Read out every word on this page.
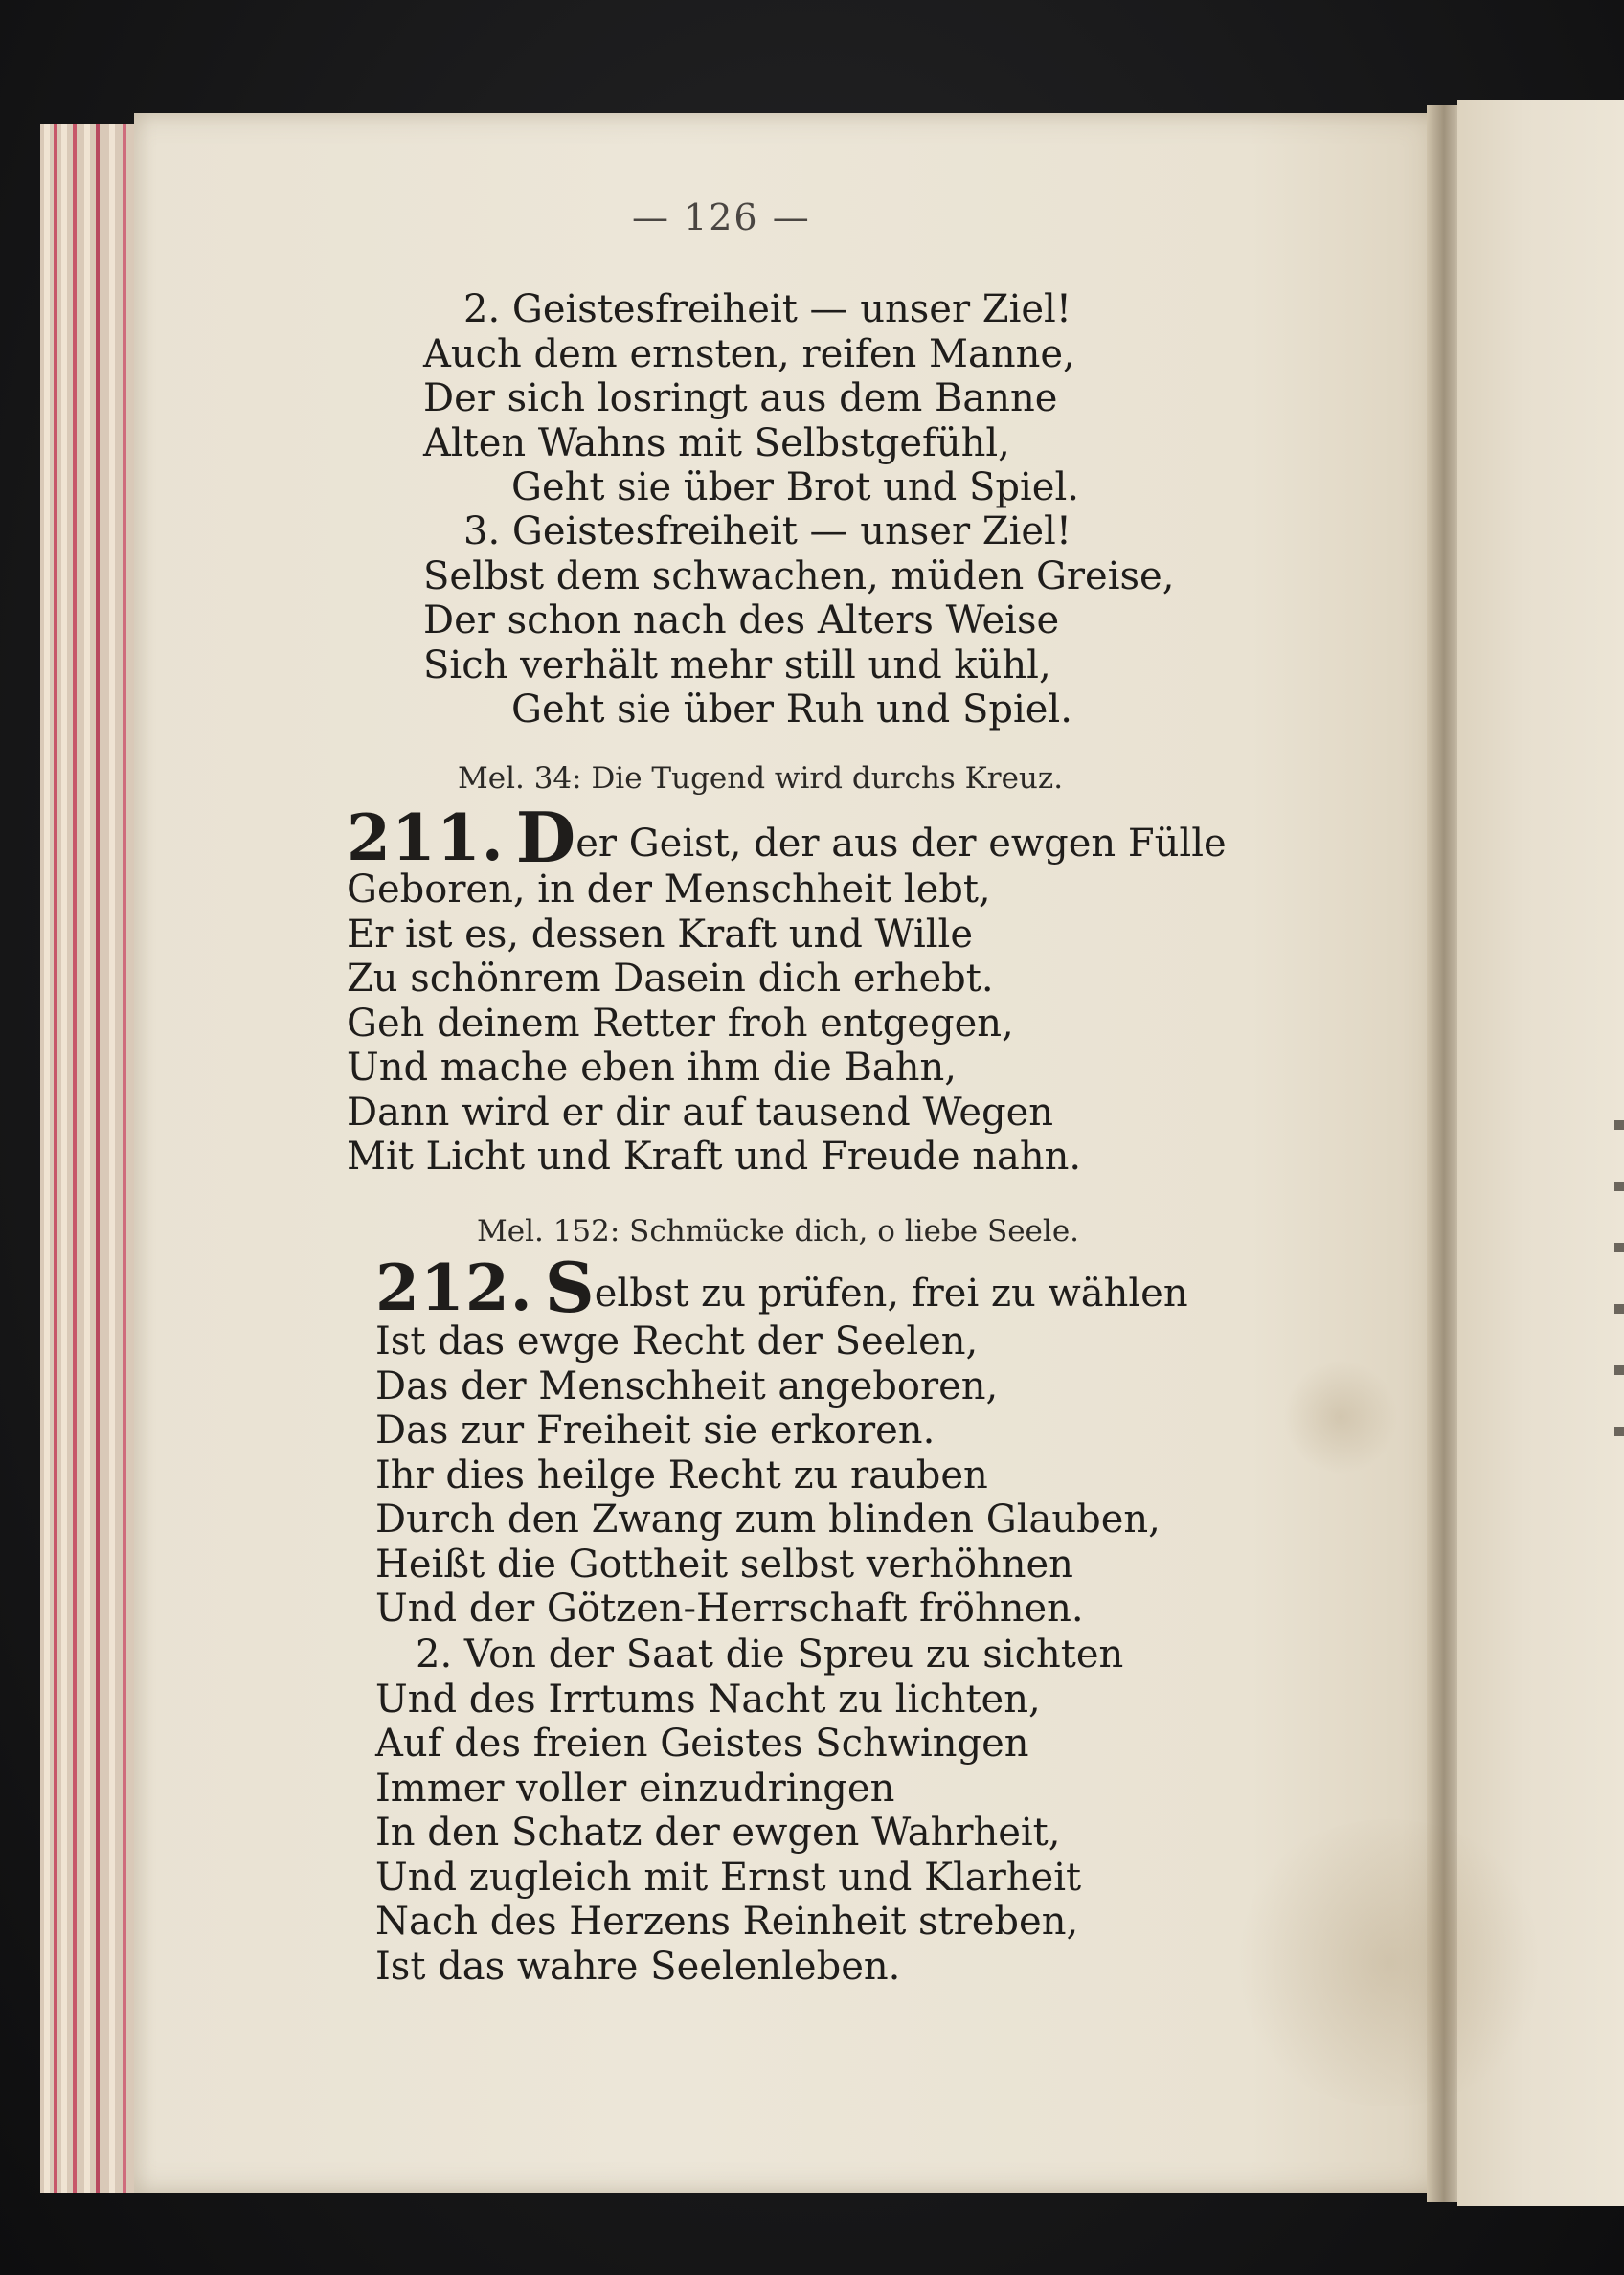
— 126 —
2. Geistesfreiheit — unser Ziel!
Auch dem ernsten, reifen Manne,
Der sich losringt aus dem Banne
Alten Wahns mit Selbstgefühl,
Geht sie über Brot und Spiel.
3. Geistesfreiheit — unser Ziel!
Selbst dem schwachen, müden Greise,
Der schon nach des Alters Weise
Sich verhält mehr still und kühl,
Geht sie über Ruh und Spiel.
Mel. 34: Die Tugend wird durchs Kreuz.
211. Der Geist, der aus der ewgen Fülle
Geboren, in der Menschheit lebt,
Er ist es, dessen Kraft und Wille
Zu schönrem Dasein dich erhebt.
Geh deinem Retter froh entgegen,
Und mache eben ihm die Bahn,
Dann wird er dir auf tausend Wegen
Mit Licht und Kraft und Freude nahn.
Mel. 152: Schmücke dich, o liebe Seele.
212. Selbst zu prüfen, frei zu wählen
Ist das ewge Recht der Seelen,
Das der Menschheit angeboren,
Das zur Freiheit sie erkoren.
Ihr dies heilge Recht zu rauben
Durch den Zwang zum blinden Glauben,
Heißt die Gottheit selbst verhöhnen
Und der Götzen-Herrschaft fröhnen.
2. Von der Saat die Spreu zu sichten
Und des Irrtums Nacht zu lichten,
Auf des freien Geistes Schwingen
Immer voller einzudringen
In den Schatz der ewgen Wahrheit,
Und zugleich mit Ernst und Klarheit
Nach des Herzens Reinheit streben,
Ist das wahre Seelenleben.
